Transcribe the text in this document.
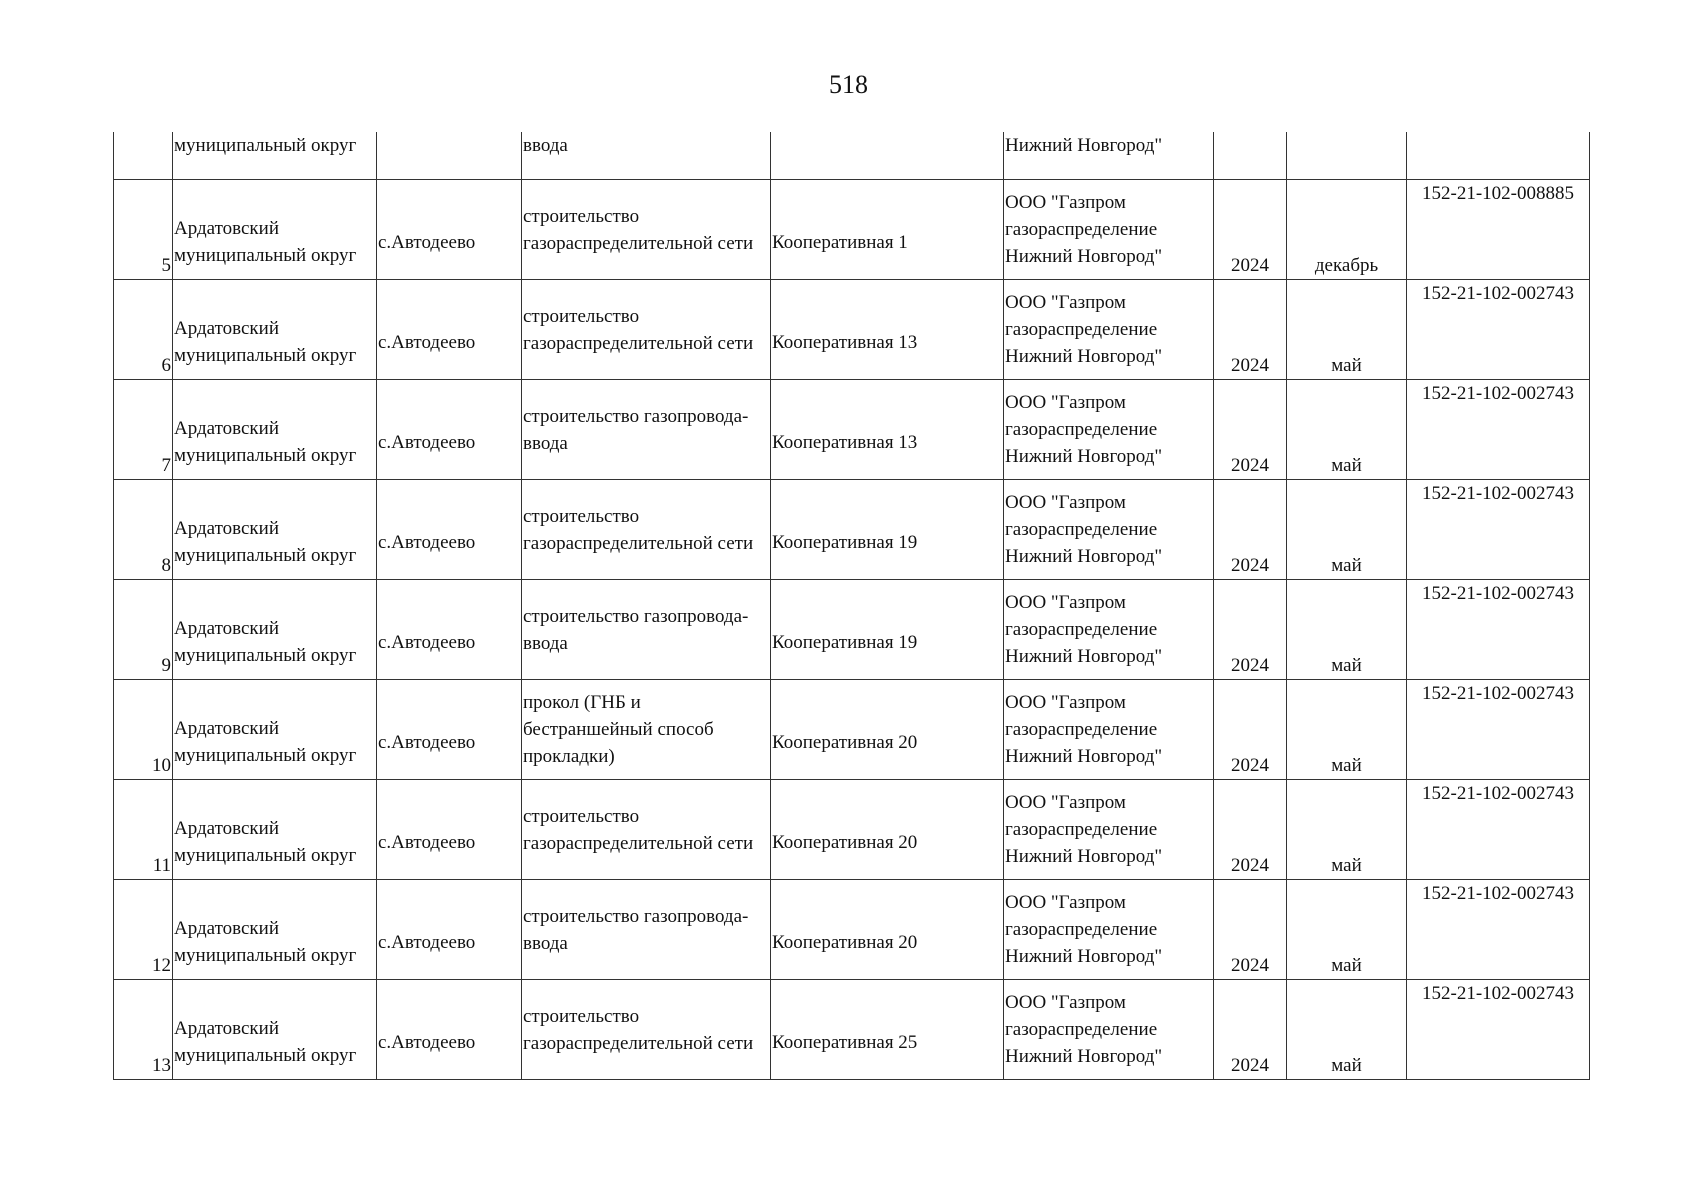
518

	муниципальный округ		ввода		Нижний Новгород"			

5	Ардатовский
муниципальный округ	с.Автодеево	строительство
газораспределительной сети	Кооперативная 1	ООО "Газпром
газораспределение
Нижний Новгород"	2024	декабрь	152-21-102-008885

6	Ардатовский
муниципальный округ	с.Автодеево	строительство
газораспределительной сети	Кооперативная 13	ООО "Газпром
газораспределение
Нижний Новгород"	2024	май	152-21-102-002743

7	Ардатовский
муниципальный округ	с.Автодеево	строительство газопровода-
ввода	Кооперативная 13	ООО "Газпром
газораспределение
Нижний Новгород"	2024	май	152-21-102-002743

8	Ардатовский
муниципальный округ	с.Автодеево	строительство
газораспределительной сети	Кооперативная 19	ООО "Газпром
газораспределение
Нижний Новгород"	2024	май	152-21-102-002743

9	Ардатовский
муниципальный округ	с.Автодеево	строительство газопровода-
ввода	Кооперативная 19	ООО "Газпром
газораспределение
Нижний Новгород"	2024	май	152-21-102-002743

10	Ардатовский
муниципальный округ	с.Автодеево	прокол (ГНБ и
бестраншейный способ
прокладки)	Кооперативная 20	ООО "Газпром
газораспределение
Нижний Новгород"	2024	май	152-21-102-002743

11	Ардатовский
муниципальный округ	с.Автодеево	строительство
газораспределительной сети	Кооперативная 20	ООО "Газпром
газораспределение
Нижний Новгород"	2024	май	152-21-102-002743

12	Ардатовский
муниципальный округ	с.Автодеево	строительство газопровода-
ввода	Кооперативная 20	ООО "Газпром
газораспределение
Нижний Новгород"	2024	май	152-21-102-002743

13	Ардатовский
муниципальный округ	с.Автодеево	строительство
газораспределительной сети	Кооперативная 25	ООО "Газпром
газораспределение
Нижний Новгород"	2024	май	152-21-102-002743
